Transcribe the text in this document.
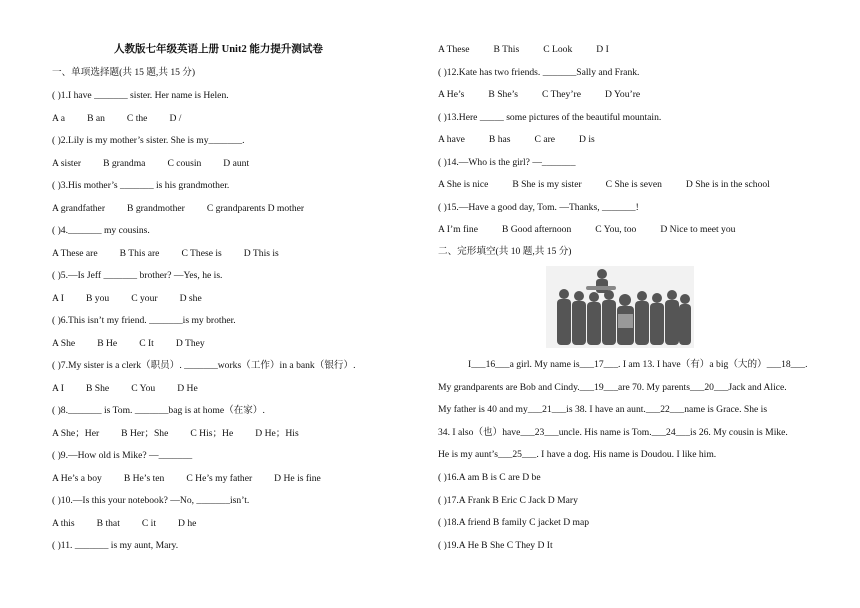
人教版七年级英语上册 Unit2 能力提升测试卷
一、单项选择题(共 15 题,共 15 分)
( )1.I have _______ sister. Her name is Helen.
A a B an C the D /
( )2.Lily is my mother’s sister. She is my_______.
A sister B grandma C cousin D aunt
( )3.His mother’s _______ is his grandmother.
A grandfather B grandmother C grandparents D mother
( )4._______ my cousins.
A These are B This are C These is D This is
( )5.—Is Jeff _______ brother? —Yes, he is.
A I B you C your D she
( )6.This isn’t my friend. _______is my brother.
A She B He C It D They
( )7.My sister is a clerk（职员）. _______works（工作）in a bank（银行）.
A I B She C You D He
( )8._______ is Tom. _______bag is at home（在家）.
A She；Her B Her；She C His；He D He；His
( )9.—How old is Mike? —_______
A He’s a boy B He’s ten C He’s my father D He is fine
( )10.—Is this your notebook? —No, _______isn’t.
A this B that C it D he
( )11. _______ is my aunt, Mary.
A These	B This	C Look	D I
( )12.Kate has two friends. _______Sally and Frank.
A He’s	B She’s	C They’re	D You’re
( )13.Here _____ some pictures of the beautiful mountain.
A have	B has	C are	D is
( )14.—Who is the girl? —_______
A She is nice	B She is my sister	C She is seven	D She is in the school
( )15.—Have a good day, Tom. —Thanks, _______!
A I’m fine	B Good afternoon	C You, too	D Nice to meet you
二、完形填空(共 10 题,共 15 分)
I___16___a girl. My name is___17___. I am 13. I have（有）a big（大的）___18___.
My grandparents are Bob and Cindy.___19___are 70. My parents___20___Jack and Alice.
My father is 40 and my___21___is 38. I have an aunt.___22___name is Grace. She is
34. I also（也）have___23___uncle. His name is Tom.___24___is 26. My cousin is Mike.
He is my aunt’s___25___. I have a dog. His name is Doudou. I like him.
( )16.A am B is C are D be
( )17.A Frank B Eric C Jack D Mary
( )18.A friend B family C jacket D map
( )19.A He B She C They D It
